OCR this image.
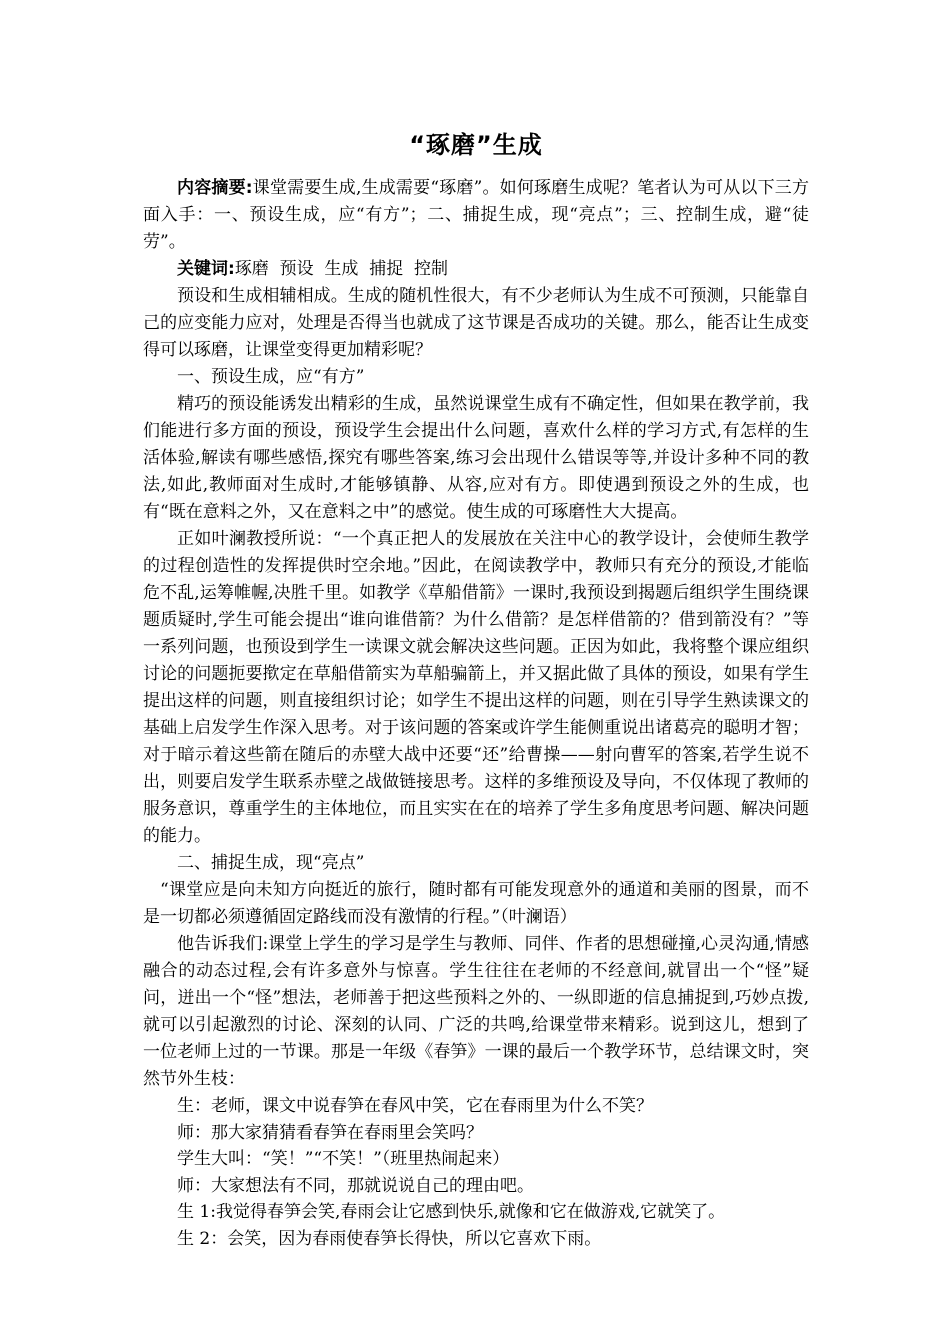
“琢磨”生成

内容摘要:课堂需要生成,生成需要“琢磨”。如何琢磨生成呢？笔者认为可从以下三方面入手：一、预设生成，应“有方”；二、捕捉生成，现“亮点”；三、控制生成，避“徒劳”。

关键词:琢磨  预设  生成  捕捉  控制

预设和生成相辅相成。生成的随机性很大，有不少老师认为生成不可预测，只能靠自己的应变能力应对，处理是否得当也就成了这节课是否成功的关键。那么，能否让生成变得可以琢磨，让课堂变得更加精彩呢？

一、预设生成，应“有方”

精巧的预设能诱发出精彩的生成，虽然说课堂生成有不确定性，但如果在教学前，我们能进行多方面的预设，预设学生会提出什么问题，喜欢什么样的学习方式,有怎样的生活体验,解读有哪些感悟,探究有哪些答案,练习会出现什么错误等等,并设计多种不同的教法,如此,教师面对生成时,才能够镇静、从容,应对有方。即使遇到预设之外的生成，也有“既在意料之外，又在意料之中”的感觉。使生成的可琢磨性大大提高。

正如叶澜教授所说：“一个真正把人的发展放在关注中心的教学设计，会使师生教学的过程创造性的发挥提供时空余地。”因此，在阅读教学中，教师只有充分的预设,才能临危不乱,运筹帷幄,决胜千里。如教学《草船借箭》一课时,我预设到揭题后组织学生围绕课题质疑时,学生可能会提出“谁向谁借箭？为什么借箭？是怎样借箭的？借到箭没有？”等一系列问题，也预设到学生一读课文就会解决这些问题。正因为如此，我将整个课应组织讨论的问题扼要揿定在草船借箭实为草船骗箭上，并又据此做了具体的预设，如果有学生提出这样的问题，则直接组织讨论；如学生不提出这样的问题，则在引导学生熟读课文的基础上启发学生作深入思考。对于该问题的答案或许学生能侧重说出诸葛亮的聪明才智；对于暗示着这些箭在随后的赤壁大战中还要“还”给曹操——射向曹军的答案,若学生说不出，则要启发学生联系赤壁之战做链接思考。这样的多维预设及导向，不仅体现了教师的服务意识，尊重学生的主体地位，而且实实在在的培养了学生多角度思考问题、解决问题的能力。

二、捕捉生成，现“亮点”

“课堂应是向未知方向挺近的旅行，随时都有可能发现意外的通道和美丽的图景，而不是一切都必须遵循固定路线而没有激情的行程。”（叶澜语）

他告诉我们:课堂上学生的学习是学生与教师、同伴、作者的思想碰撞,心灵沟通,情感融合的动态过程,会有许多意外与惊喜。学生往往在老师的不经意间,就冒出一个“怪”疑问，迸出一个“怪”想法，老师善于把这些预料之外的、一纵即逝的信息捕捉到,巧妙点拨,就可以引起激烈的讨论、深刻的认同、广泛的共鸣,给课堂带来精彩。说到这儿，想到了一位老师上过的一节课。那是一年级《春笋》一课的最后一个教学环节，总结课文时，突然节外生枝：

生：老师，课文中说春笋在春风中笑，它在春雨里为什么不笑？

师：那大家猜猜看春笋在春雨里会笑吗？

学生大叫：“笑！”“不笑！”（班里热闹起来）

师：大家想法有不同，那就说说自己的理由吧。

生 1:我觉得春笋会笑,春雨会让它感到快乐,就像和它在做游戏,它就笑了。

生 2：会笑，因为春雨使春笋长得快，所以它喜欢下雨。
